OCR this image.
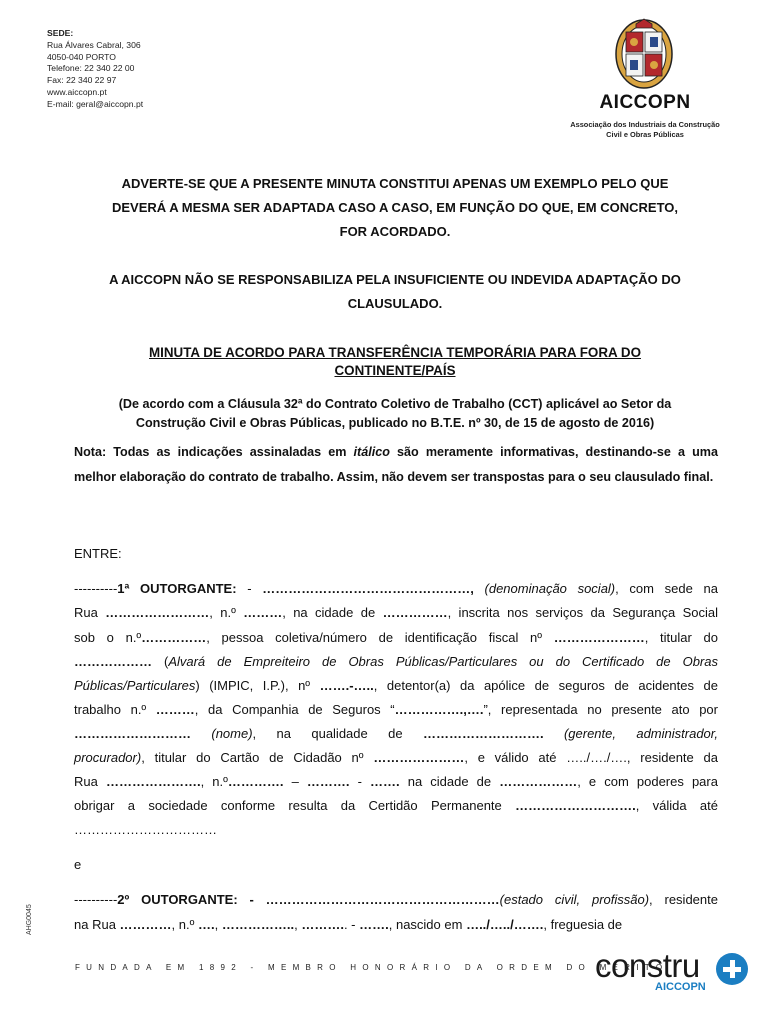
SEDE:
Rua Álvares Cabral, 306
4050-040 PORTO
Telefone: 22 340 22 00
Fax: 22 340 22 97
www.aiccopn.pt
E-mail: geral@aiccopn.pt	AICCOPN
Associação dos Industriais da Construção
Civil e Obras Públicas
ADVERTE-SE QUE A PRESENTE MINUTA CONSTITUI APENAS UM EXEMPLO PELO QUE
DEVERÁ A MESMA SER ADAPTADA CASO A CASO, EM FUNÇÃO DO QUE, EM CONCRETO,
FOR ACORDADO.
A AICCOPN NÃO SE RESPONSABILIZA PELA INSUFICIENTE OU INDEVIDA ADAPTAÇÃO DO
CLAUSULADO.
MINUTA DE ACORDO PARA TRANSFERÊNCIA TEMPORÁRIA PARA FORA DO
CONTINENTE/PAÍS
(De acordo com a Cláusula 32ª do Contrato Coletivo de Trabalho (CCT) aplicável ao Setor da
Construção Civil e Obras Públicas, publicado no B.T.E. nº 30, de 15 de agosto de 2016)
Nota: Todas as indicações assinaladas em itálico são meramente informativas, destinando-se a uma melhor elaboração do contrato de trabalho. Assim, não devem ser transpostas para o seu clausulado final.
ENTRE:
----------1ª OUTORGANTE: - …………………………………………, (denominação social), com sede na
Rua ……………………, n.º ………, na cidade de ……………, inscrita nos serviços da Segurança Social
sob o n.º……………, pessoa coletiva/número de identificação fiscal nº …………………, titular do
……………… (Alvará de Empreiteiro de Obras Públicas/Particulares ou do Certificado de Obras
Públicas/Particulares) (IMPIC, I.P.), nº …….-….., detentor(a) da apólice de seguros de acidentes de
trabalho n.º ………, da Companhia de Seguros “…………….,….”, representada no presente ato por
……………………… (nome), na qualidade de ………………………. (gerente, administrador,
procurador), titular do Cartão de Cidadão nº …………………, e válido até …../…./…., residente da
Rua …………………., n.º…………. – ………. - ……. na cidade de ………………, e com poderes para
obrigar a sociedade conforme resulta da Certidão Permanente ………………………., válida até
……………………………
e
----------2º OUTORGANTE: - ………………………………………………(estado civil, profissão), residente
na Rua …………, n.º …., …………….., ……….. - ……., nascido em …../…../……., freguesia de
AHG0045
FUNDADA EM 1892 - MEMBRO HONORÁRIO DA ORDEM DO MÉRITO
constru
AICCOPN
